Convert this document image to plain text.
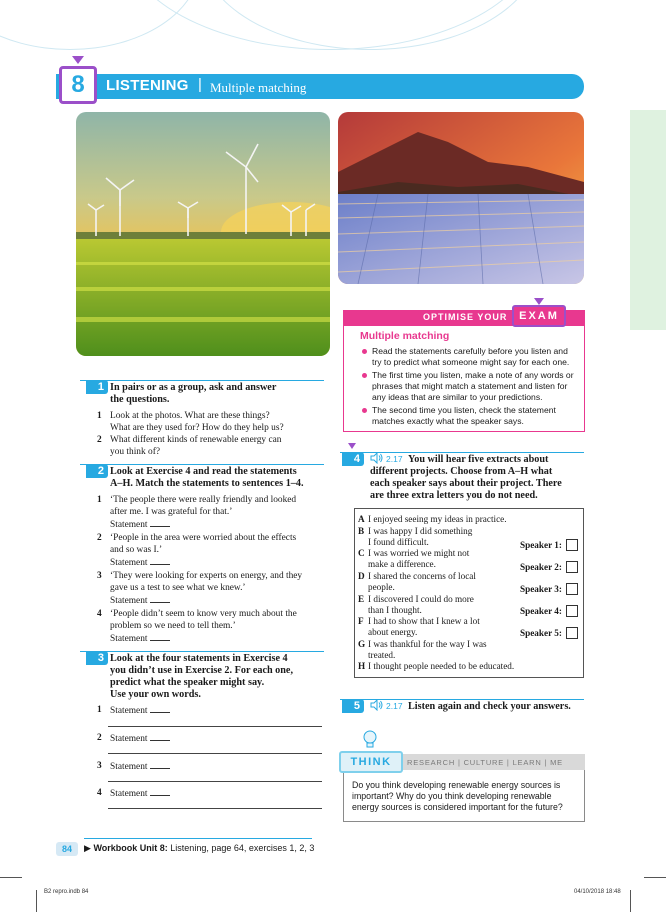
8 LISTENING | Multiple matching
1 In pairs or as a group, ask and answer
the questions.
1 Look at the photos. What are these things?
What are they used for? How do they help us?
2 What different kinds of renewable energy can
you think of?
2 Look at Exercise 4 and read the statements
A–H. Match the statements to sentences 1–4.
1 ‘The people there were really friendly and looked
after me. I was grateful for that.’
Statement
2 ‘People in the area were worried about the effects
and so was I.’
Statement
3 ‘They were looking for experts on energy, and they
gave us a test to see what we knew.’
Statement
4 ‘People didn’t seem to know very much about the
problem so we need to tell them.’
Statement
3 Look at the four statements in Exercise 4
you didn’t use in Exercise 2. For each one,
predict what the speaker might say.
Use your own words.
1 Statement
2 Statement
3 Statement
4 Statement
OPTIMISE YOUR	EXAM
Multiple matching
Read the statements carefully before you listen and
try to predict what someone might say for each one.
The first time you listen, make a note of any words or
phrases that might match a statement and listen for
any ideas that are similar to your predictions.
The second time you listen, check the statement
matches exactly what the speaker says.
4	2.17 You will hear five extracts about
different projects. Choose from A–H what
each speaker says about their project. There
are three extra letters you do not need.
A I enjoyed seeing my ideas in practice.
B I was happy I did something
I found difficult.
C I was worried we might not
make a difference.
D I shared the concerns of local
people.
E I discovered I could do more
than I thought.
F I had to show that I knew a lot
about energy.
G I was thankful for the way I was
treated.
H I thought people needed to be educated.
Speaker 1:
Speaker 2:
Speaker 3:
Speaker 4:
Speaker 5:
5	2.17 Listen again and check your answers.
THINK	RESEARCH | CULTURE | LEARN | ME
Do you think developing renewable energy sources is
important? Why do you think developing renewable
energy sources is considered important for the future?
84	▶ Workbook Unit 8: Listening, page 64, exercises 1, 2, 3
B2 repro.indb 84	04/10/2018 18:48
